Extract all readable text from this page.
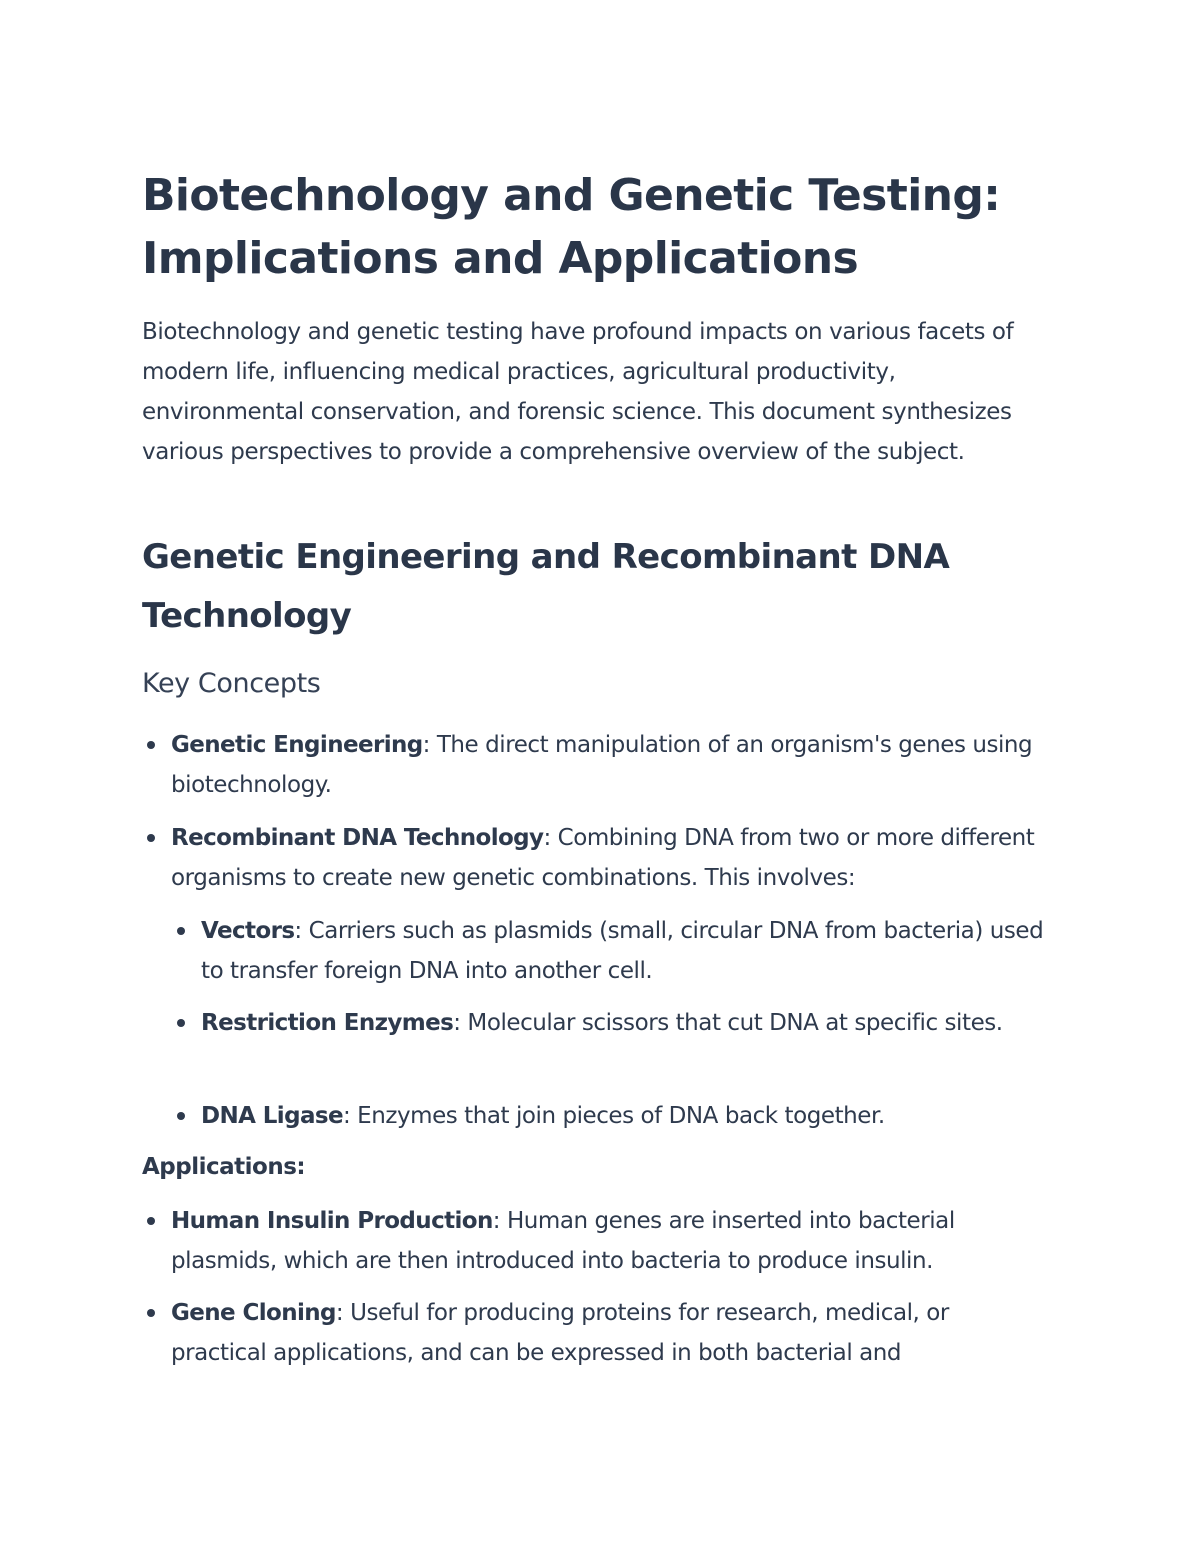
Biotechnology and Genetic Testing: Implications and Applications

Biotechnology and genetic testing have profound impacts on various facets of modern life, influencing medical practices, agricultural productivity, environmental conservation, and forensic science. This document synthesizes various perspectives to provide a comprehensive overview of the subject.

Genetic Engineering and Recombinant DNA Technology
Key Concepts
Genetic Engineering: The direct manipulation of an organism's genes using biotechnology.
Recombinant DNA Technology: Combining DNA from two or more different organisms to create new genetic combinations. This involves:
Vectors: Carriers such as plasmids (small, circular DNA from bacteria) used to transfer foreign DNA into another cell.
Restriction Enzymes: Molecular scissors that cut DNA at specific sites.
DNA Ligase: Enzymes that join pieces of DNA back together.
Applications:
Human Insulin Production: Human genes are inserted into bacterial plasmids, which are then introduced into bacteria to produce insulin.
Gene Cloning: Useful for producing proteins for research, medical, or practical applications, and can be expressed in both bacterial and
